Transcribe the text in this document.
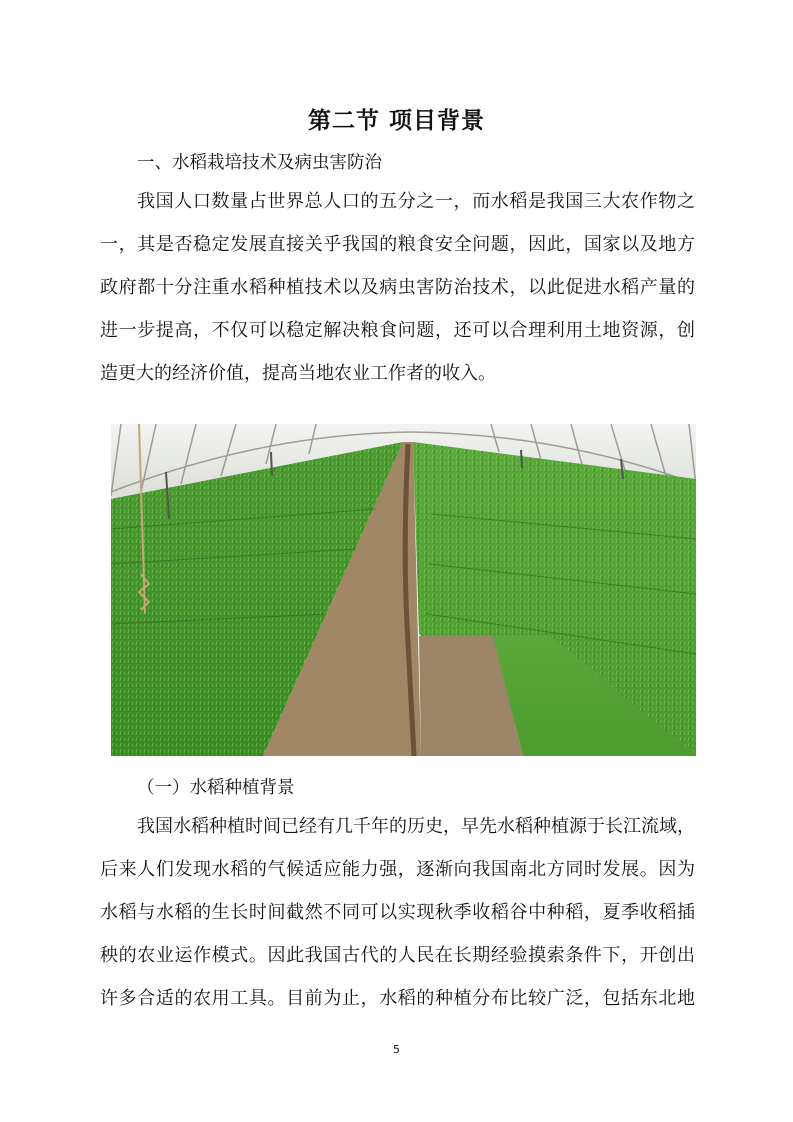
第二节 项目背景
一、水稻栽培技术及病虫害防治

我国人口数量占世界总人口的五分之一，而水稻是我国三大农作物之

一，其是否稳定发展直接关乎我国的粮食安全问题，因此，国家以及地方

政府都十分注重水稻种植技术以及病虫害防治技术，以此促进水稻产量的

进一步提高，不仅可以稳定解决粮食问题，还可以合理利用土地资源，创

造更大的经济价值，提高当地农业工作者的收入。

（一）水稻种植背景

我国水稻种植时间已经有几千年的历史，早先水稻种植源于长江流域，

后来人们发现水稻的气候适应能力强，逐渐向我国南北方同时发展。因为

水稻与水稻的生长时间截然不同可以实现秋季收稻谷中种稻，夏季收稻插

秧的农业运作模式。因此我国古代的人民在长期经验摸索条件下，开创出

许多合适的农用工具。目前为止，水稻的种植分布比较广泛，包括东北地

5
